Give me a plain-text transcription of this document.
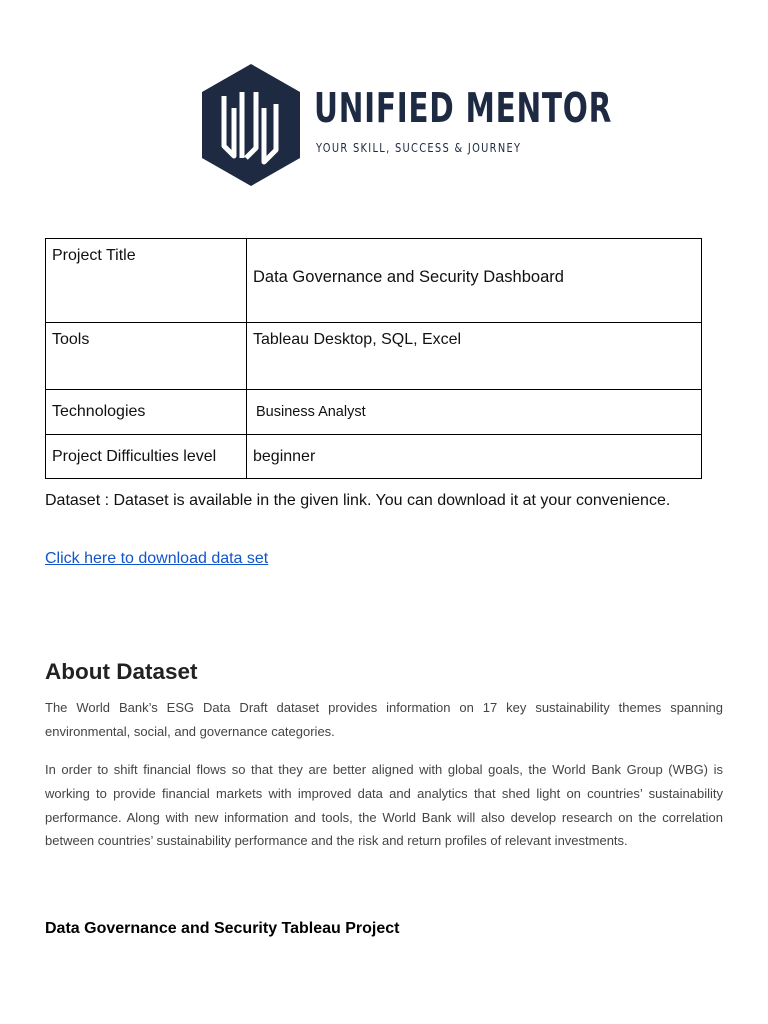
UNIFIED MENTOR
YOUR SKILL, SUCCESS & JOURNEY
Project Title	Data Governance and Security Dashboard
Tools	Tableau Desktop, SQL, Excel
Technologies	Business Analyst
Project Difficulties level	beginner
Dataset : Dataset is available in the given link. You can download it at your convenience.
Click here to download data set
About Dataset

The World Bank’s ESG Data Draft dataset provides information on 17 key sustainability themes spanning environmental, social, and governance categories.

In order to shift financial flows so that they are better aligned with global goals, the World Bank Group (WBG) is working to provide financial markets with improved data and analytics that shed light on countries’ sustainability performance. Along with new information and tools, the World Bank will also develop research on the correlation between countries’ sustainability performance and the risk and return profiles of relevant investments.

Data Governance and Security Tableau Project
